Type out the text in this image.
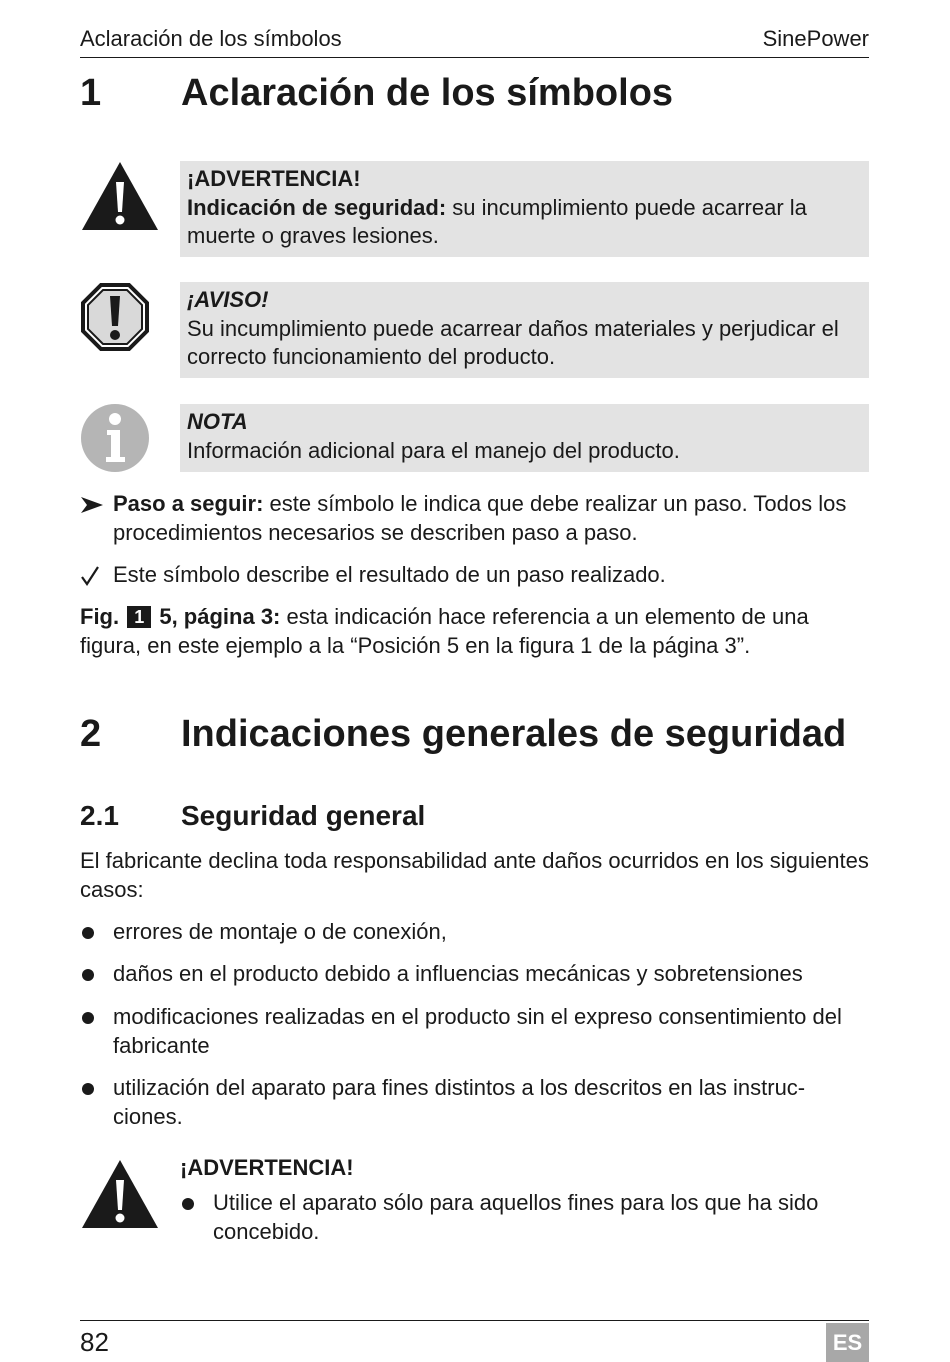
Aclaración de los símbolos	SinePower
1 Aclaración de los símbolos
¡ADVERTENCIA!
Indicación de seguridad: su incumplimiento puede acarrear la muerte o graves lesiones.
¡AVISO!
Su incumplimiento puede acarrear daños materiales y perjudicar el correcto funcionamiento del producto.
NOTA
Información adicional para el manejo del producto.
Paso a seguir: este símbolo le indica que debe realizar un paso. Todos los procedimientos necesarios se describen paso a paso.
Este símbolo describe el resultado de un paso realizado.
Fig. 1 5, página 3: esta indicación hace referencia a un elemento de una figura, en este ejemplo a la “Posición 5 en la figura 1 de la página 3”.
2 Indicaciones generales de seguridad
2.1 Seguridad general
El fabricante declina toda responsabilidad ante daños ocurridos en los siguientes casos:
errores de montaje o de conexión,
daños en el producto debido a influencias mecánicas y sobretensiones
modificaciones realizadas en el producto sin el expreso consentimiento del fabricante
utilización del aparato para fines distintos a los descritos en las instruc-ciones.
¡ADVERTENCIA!
Utilice el aparato sólo para aquellos fines para los que ha sido concebido.
82	ES
